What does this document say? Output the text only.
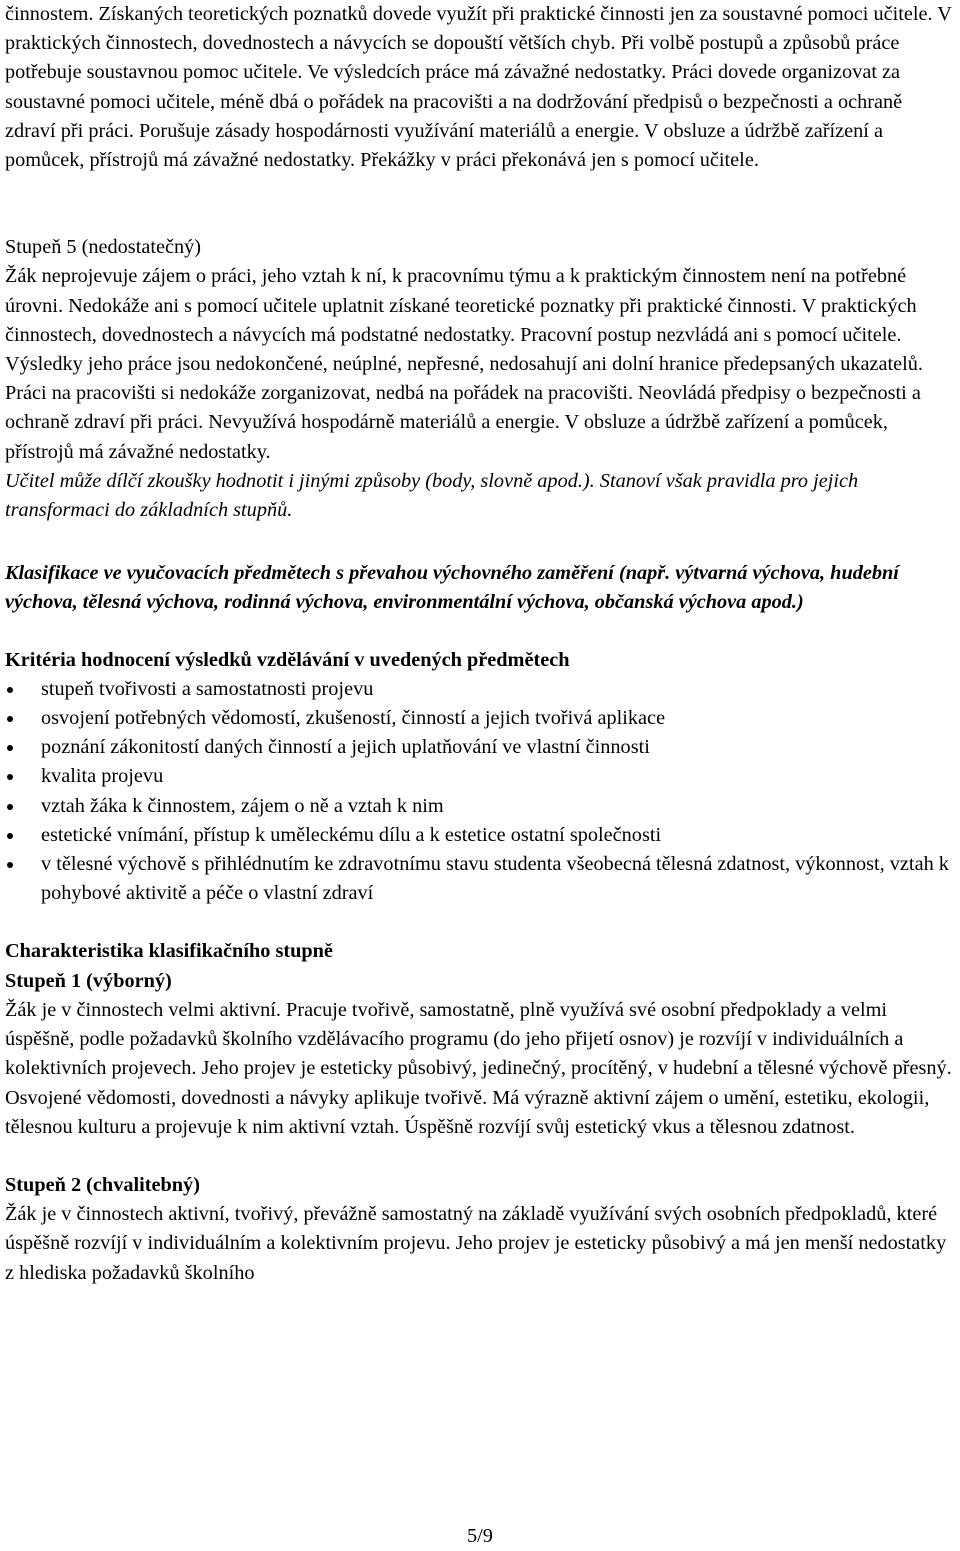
činnostem. Získaných teoretických poznatků dovede využít při praktické činnosti jen za soustavné pomoci učitele. V praktických činnostech, dovednostech a návycích se dopouští větších chyb. Při volbě postupů a způsobů práce potřebuje soustavnou pomoc učitele. Ve výsledcích práce má závažné nedostatky. Práci dovede organizovat za soustavné pomoci učitele, méně dbá o pořádek na pracovišti a na dodržování předpisů o bezpečnosti a ochraně zdraví při práci. Porušuje zásady hospodárnosti využívání materiálů a energie. V obsluze a údržbě zařízení a pomůcek, přístrojů má závažné nedostatky. Překážky v práci překonává jen s pomocí učitele.

Stupeň 5 (nedostatečný)

Žák neprojevuje zájem o práci, jeho vztah k ní, k pracovnímu týmu a k praktickým činnostem není na potřebné úrovni. Nedokáže ani s pomocí učitele uplatnit získané teoretické poznatky při praktické činnosti. V praktických činnostech, dovednostech a návycích má podstatné nedostatky. Pracovní postup nezvládá ani s pomocí učitele. Výsledky jeho práce jsou nedokončené, neúplné, nepřesné, nedosahují ani dolní hranice předepsaných ukazatelů. Práci na pracovišti si nedokáže zorganizovat, nedbá na pořádek na pracovišti. Neovládá předpisy o bezpečnosti a ochraně zdraví při práci. Nevyužívá hospodárně materiálů a energie. V obsluze a údržbě zařízení a pomůcek, přístrojů má závažné nedostatky.

Učitel může dílčí zkoušky hodnotit i jinými způsoby (body, slovně apod.). Stanoví však pravidla pro jejich transformaci do základních stupňů.

Klasifikace ve vyučovacích předmětech s převahou výchovného zaměření (např. výtvarná výchova, hudební výchova, tělesná výchova, rodinná výchova, environmentální výchova, občanská výchova apod.)

Kritéria hodnocení výsledků vzdělávání v uvedených předmětech

stupeň tvořivosti a samostatnosti projevu
osvojení potřebných vědomostí, zkušeností, činností a jejich tvořivá aplikace
poznání zákonitostí daných činností a jejich uplatňování ve vlastní činnosti
kvalita projevu
vztah žáka k činnostem, zájem o ně a vztah k nim
estetické vnímání, přístup k uměleckému dílu a k estetice ostatní společnosti
v tělesné výchově s přihlédnutím ke zdravotnímu stavu studenta všeobecná tělesná zdatnost, výkonnost, vztah k pohybové aktivitě a péče o vlastní zdraví

Charakteristika klasifikačního stupně

Stupeň 1 (výborný)

Žák je v činnostech velmi aktivní. Pracuje tvořivě, samostatně, plně využívá své osobní předpoklady a velmi úspěšně, podle požadavků školního vzdělávacího programu (do jeho přijetí osnov) je rozvíjí v individuálních a kolektivních projevech. Jeho projev je esteticky působivý, jedinečný, procítěný, v hudební a tělesné výchově přesný. Osvojené vědomosti, dovednosti a návyky aplikuje tvořivě. Má výrazně aktivní zájem o umění, estetiku, ekologii, tělesnou kulturu a projevuje k nim aktivní vztah. Úspěšně rozvíjí svůj estetický vkus a tělesnou zdatnost.

Stupeň 2 (chvalitebný)

Žák je v činnostech aktivní, tvořivý, převážně samostatný na základě využívání svých osobních předpokladů, které úspěšně rozvíjí v individuálním a kolektivním projevu. Jeho projev je esteticky působivý a má jen menší nedostatky z hlediska požadavků školního

5/9
